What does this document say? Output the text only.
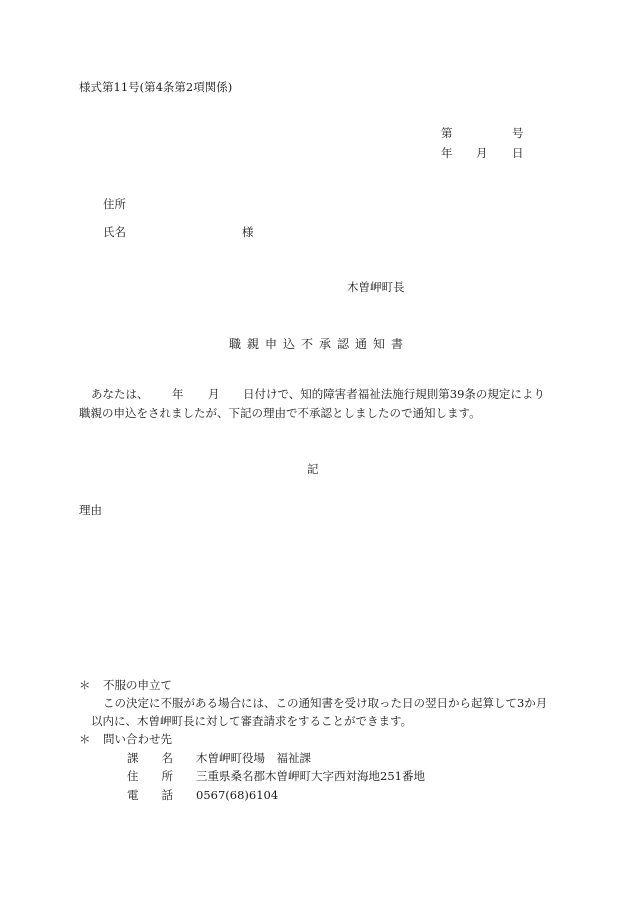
様式第11号(第4条第2項関係)
第	号
年 月 日
住所
氏名	様
木曽岬町長
職親申込不承認通知書
あなたは、 年 月 日付けで、知的障害者福祉法施行規則第39条の規定により
職親の申込をされましたが、下記の理由で不承認としましたので通知します。
記
理由
＊ 不服の申立て
この決定に不服がある場合には、この通知書を受け取った日の翌日から起算して3か月
以内に、木曽岬町長に対して審査請求をすることができます。
＊ 問い合わせ先
課　　名 木曽岬町役場　福祉課
住　　所 三重県桑名郡木曽岬町大字西対海地251番地
電　　話 0567(68)6104
